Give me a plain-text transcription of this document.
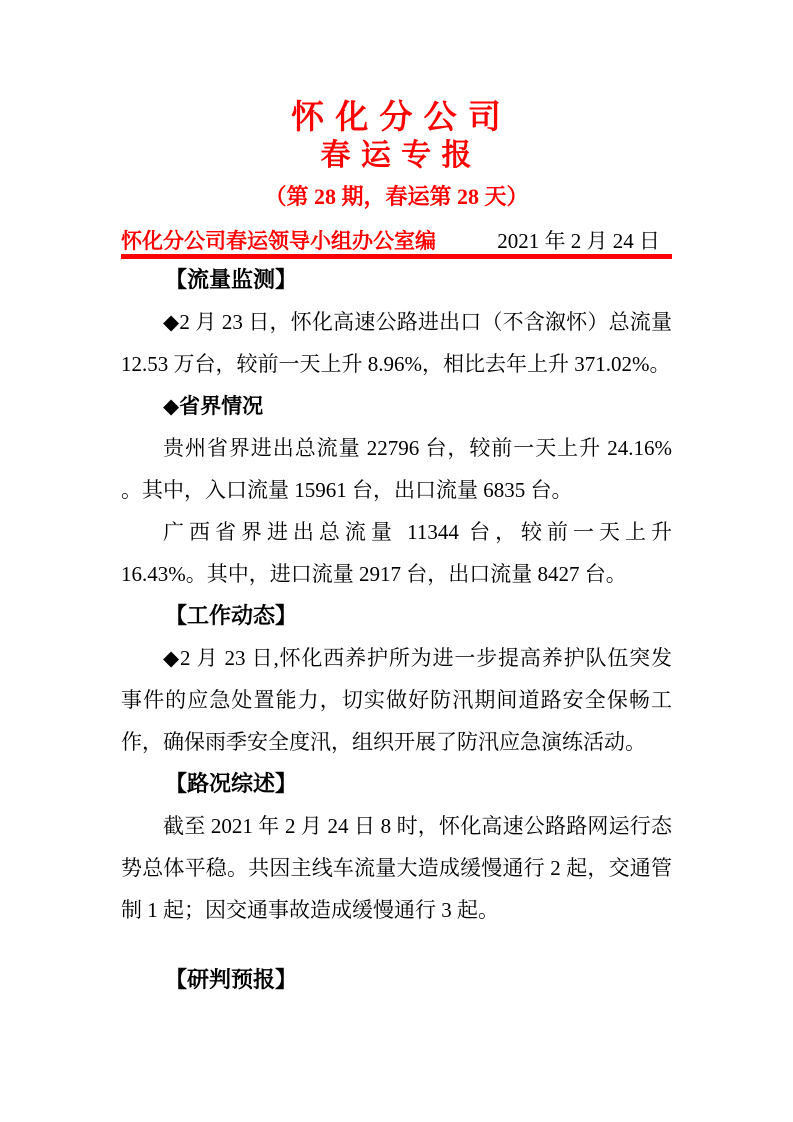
怀 化 分 公 司
春 运 专 报
（第 28 期，春运第 28 天）
怀化分公司春运领导小组办公室编	2021 年 2 月 24 日
【流量监测】

◆2 月 23 日，怀化高速公路进出口（不含溆怀）总流量 12.53 万台，较前一天上升 8.96%，相比去年上升 371.02%。

◆省界情况

贵州省界进出总流量 22796 台，较前一天上升 24.16% 。其中，入口流量 15961 台，出口流量 6835 台。

广西省界进出总流量 11344 台，较前一天上升 16.43%。其中，进口流量 2917 台，出口流量 8427 台。

【工作动态】

◆2 月 23 日,怀化西养护所为进一步提高养护队伍突发事件的应急处置能力，切实做好防汛期间道路安全保畅工作，确保雨季安全度汛，组织开展了防汛应急演练活动。

【路况综述】

截至 2021 年 2 月 24 日 8 时，怀化高速公路路网运行态势总体平稳。共因主线车流量大造成缓慢通行 2 起，交通管制 1 起；因交通事故造成缓慢通行 3 起。

【研判预报】
